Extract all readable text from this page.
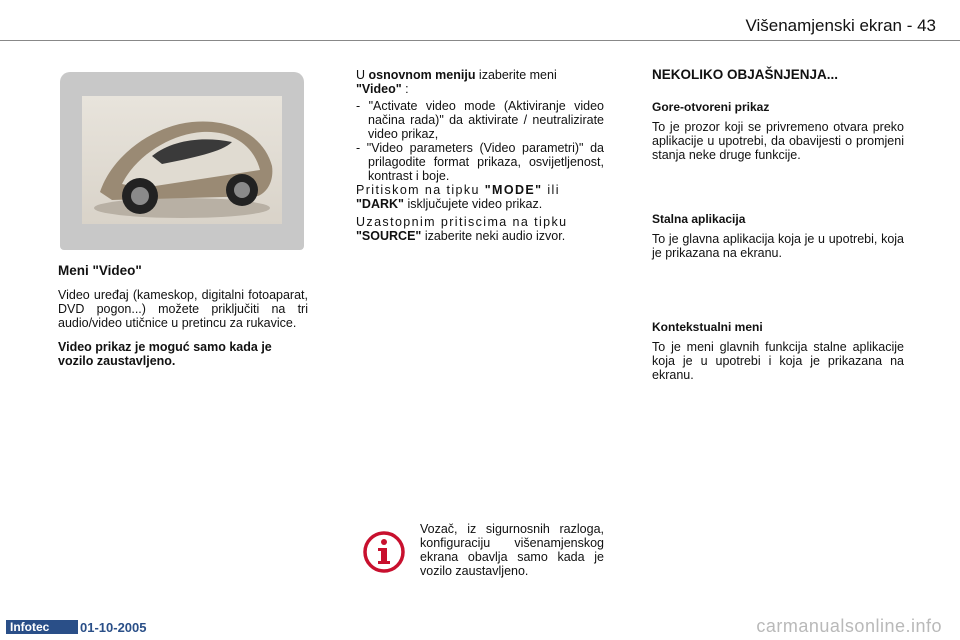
Višenamjenski ekran - 43

Meni "Video"

Video uređaj (kameskop, digitalni fotoaparat, DVD pogon...) možete priključiti na tri audio/video utičnice u pretincu za rukavice.

Video prikaz je moguć samo kada je vozilo zaustavljeno.

U osnovnom meniju izaberite meni
"Video" :

- "Activate video mode (Aktiviranje video načina rada)" da aktivirate / neutralizirate video prikaz,

- "Video parameters (Video parametri)" da prilagodite format prikaza, osvijetljenost, kontrast i boje.

Pritiskom na tipku "MODE" ili

"DARK" isključujete video prikaz.

Uzastopnim pritiscima na tipku

"SOURCE" izaberite neki audio izvor.

NEKOLIKO OBJAŠNJENJA...

Gore-otvoreni prikaz

To je prozor koji se privremeno otvara preko aplikacije u upotrebi, da obavijesti o promjeni stanja neke druge funkcije.

Stalna aplikacija

To je glavna aplikacija koja je u upotrebi, koja je prikazana na ekranu.

Kontekstualni meni

To je meni glavnih funkcija stalne aplikacije koja je u upotrebi i koja je prikazana na ekranu.

Vozač, iz sigurnosnih razloga, konfiguraciju višenamjenskog ekrana obavlja samo kada je vozilo zaustavljeno.

Infotec	01-10-2005	carmanualsonline.info
